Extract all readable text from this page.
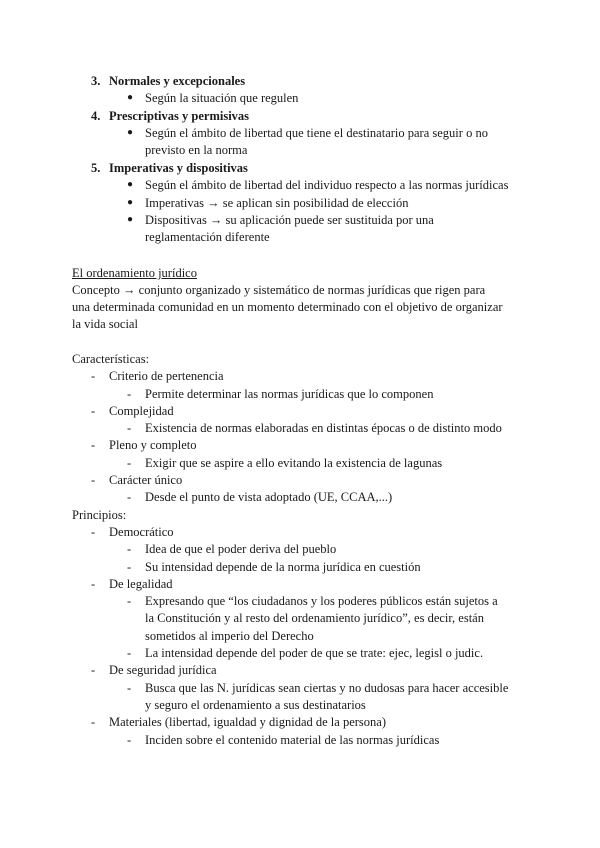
3. Normales y excepcionales
● Según la situación que regulen
4. Prescriptivas y permisivas
● Según el ámbito de libertad que tiene el destinatario para seguir o no
previsto en la norma
5. Imperativas y dispositivas
● Según el ámbito de libertad del individuo respecto a las normas jurídicas
● Imperativas → se aplican sin posibilidad de elección
● Dispositivas → su aplicación puede ser sustituida por una
reglamentación diferente
El ordenamiento jurídico
Concepto → conjunto organizado y sistemático de normas jurídicas que rigen para
una determinada comunidad en un momento determinado con el objetivo de organizar
la vida social
Características:
- Criterio de pertenencia
- Permite determinar las normas jurídicas que lo componen
- Complejidad
- Existencia de normas elaboradas en distintas épocas o de distinto modo
- Pleno y completo
- Exigir que se aspire a ello evitando la existencia de lagunas
- Carácter único
- Desde el punto de vista adoptado (UE, CCAA,...)
Principios:
- Democrático
- Idea de que el poder deriva del pueblo
- Su intensidad depende de la norma jurídica en cuestión
- De legalidad
- Expresando que “los ciudadanos y los poderes públicos están sujetos a
la Constitución y al resto del ordenamiento jurídico”, es decir, están
sometidos al imperio del Derecho
- La intensidad depende del poder de que se trate: ejec, legisl o judic.
- De seguridad jurídica
- Busca que las N. jurídicas sean ciertas y no dudosas para hacer accesible
y seguro el ordenamiento a sus destinatarios
- Materiales (libertad, igualdad y dignidad de la persona)
- Inciden sobre el contenido material de las normas jurídicas
